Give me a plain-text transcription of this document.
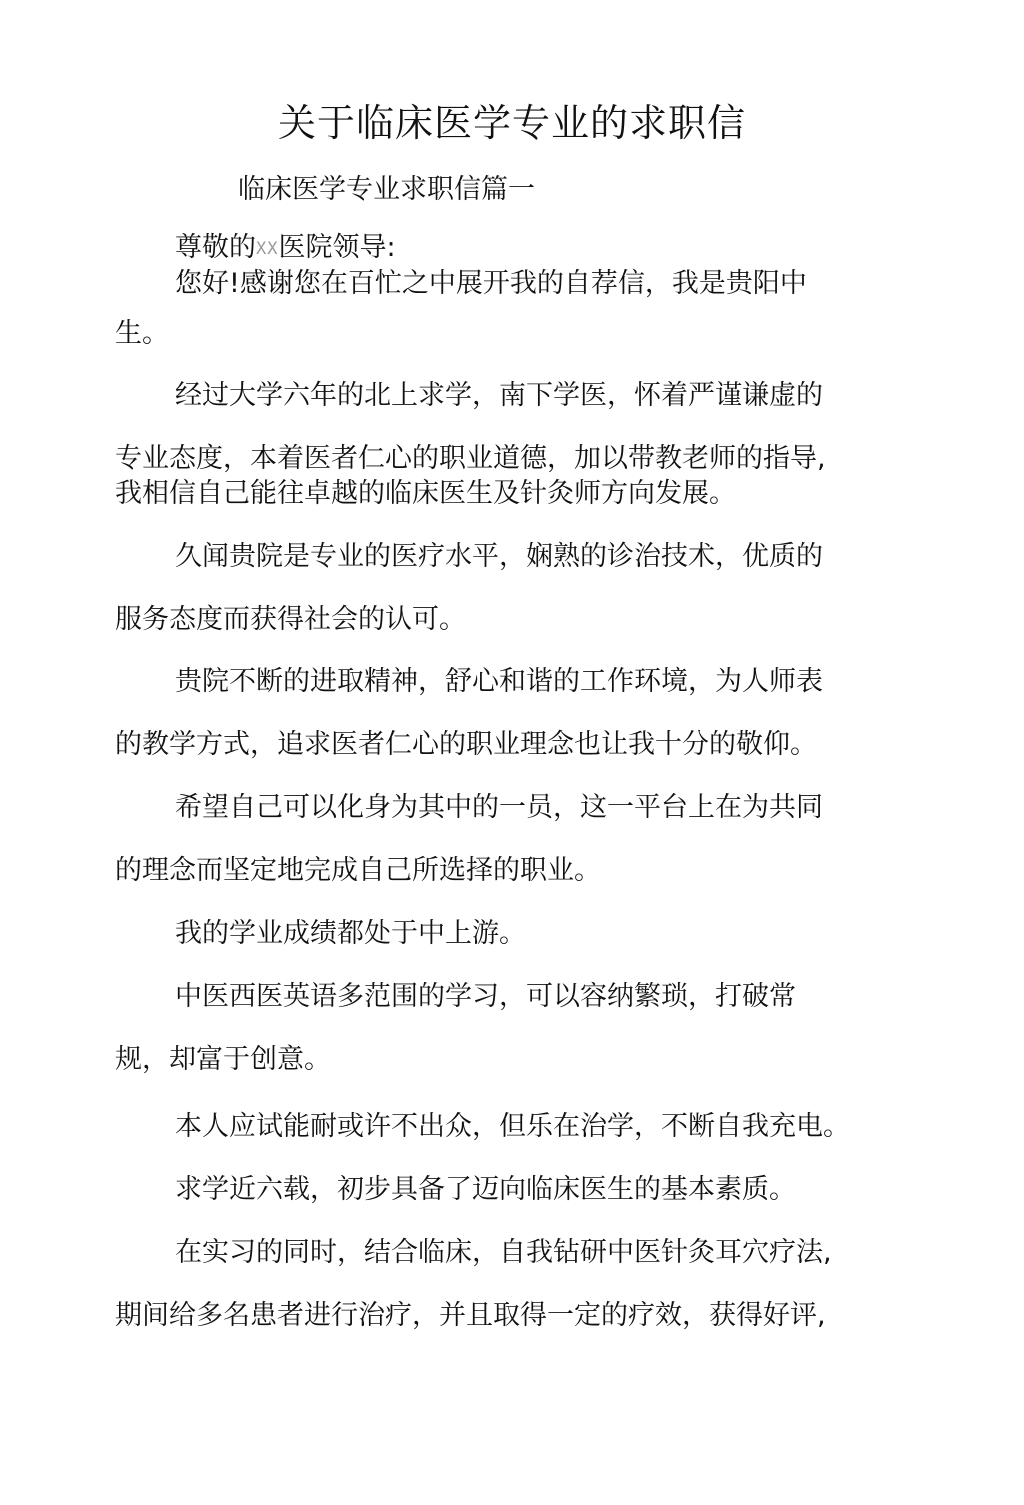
关于临床医学专业的求职信
临床医学专业求职信篇一
尊敬的XX医院领导:
您好!感谢您在百忙之中展开我的自荐信，我是贵阳中
生。
经过大学六年的北上求学，南下学医，怀着严谨谦虚的
专业态度，本着医者仁心的职业道德，加以带教老师的指导,
我相信自己能往卓越的临床医生及针灸师方向发展。
久闻贵院是专业的医疗水平，娴熟的诊治技术，优质的
服务态度而获得社会的认可。
贵院不断的进取精神，舒心和谐的工作环境，为人师表
的教学方式，追求医者仁心的职业理念也让我十分的敬仰。
希望自己可以化身为其中的一员，这一平台上在为共同
的理念而坚定地完成自己所选择的职业。
我的学业成绩都处于中上游。
中医西医英语多范围的学习，可以容纳繁琐，打破常
规，却富于创意。
本人应试能耐或许不出众，但乐在治学，不断自我充电。
求学近六载，初步具备了迈向临床医生的基本素质。
在实习的同时，结合临床，自我钻研中医针灸耳穴疗法,
期间给多名患者进行治疗，并且取得一定的疗效，获得好评,
